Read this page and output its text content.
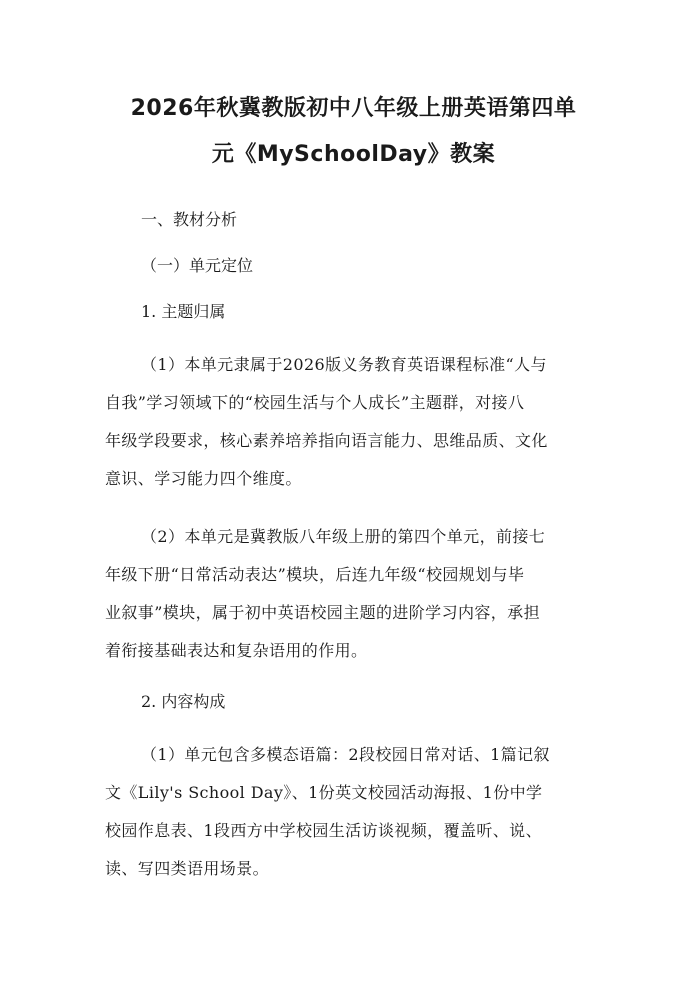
2026年秋冀教版初中八年级上册英语第四单
元《MySchoolDay》教案
一、教材分析
（一）单元定位
1. 主题归属
（1）本单元隶属于2026版义务教育英语课程标准“人与
自我”学习领域下的“校园生活与个人成长”主题群，对接八
年级学段要求，核心素养培养指向语言能力、思维品质、文化
意识、学习能力四个维度。
（2）本单元是冀教版八年级上册的第四个单元，前接七
年级下册“日常活动表达”模块，后连九年级“校园规划与毕
业叙事”模块，属于初中英语校园主题的进阶学习内容，承担
着衔接基础表达和复杂语用的作用。
2. 内容构成
（1）单元包含多模态语篇：2段校园日常对话、1篇记叙
文《Lily's School Day》、1份英文校园活动海报、1份中学
校园作息表、1段西方中学校园生活访谈视频，覆盖听、说、
读、写四类语用场景。
